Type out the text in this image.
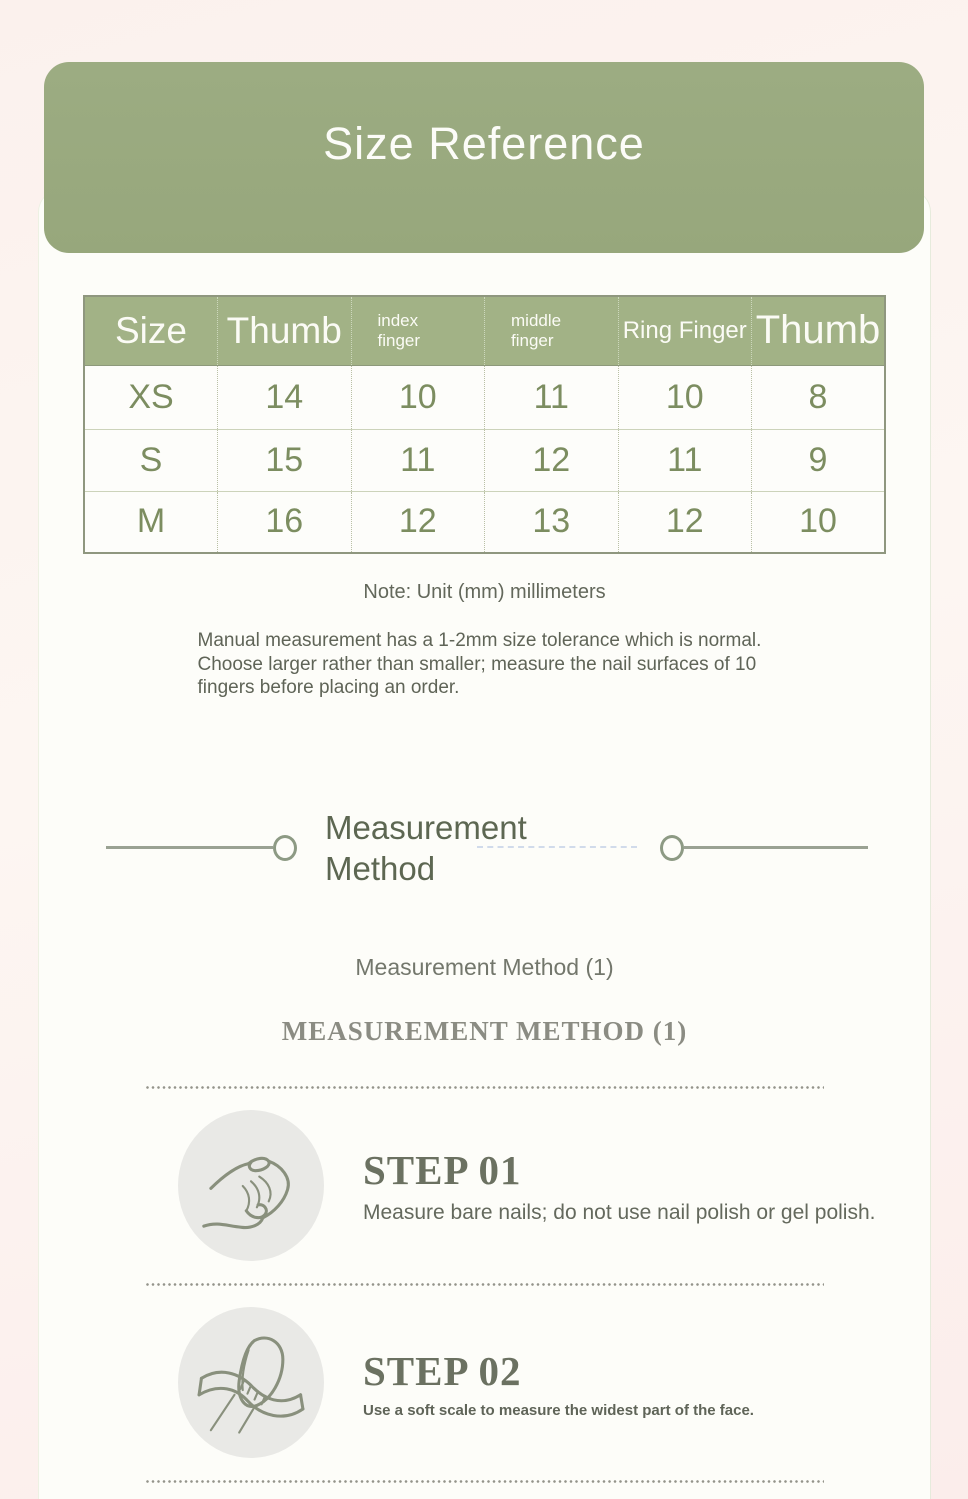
Size Reference
Size	Thumb	index finger	middle finger	Ring Finger	Thumb
XS	14	10	11	10	8
S	15	11	12	11	9
M	16	12	13	12	10

Note: Unit (mm) millimeters

Manual measurement has a 1-2mm size tolerance which is normal. Choose larger rather than smaller; measure the nail surfaces of 10 fingers before placing an order.

Measurement Method

Measurement Method (1)

MEASUREMENT METHOD (1)
STEP 01
Measure bare nails; do not use nail polish or gel polish.
STEP 02
Use a soft scale to measure the widest part of the face.
